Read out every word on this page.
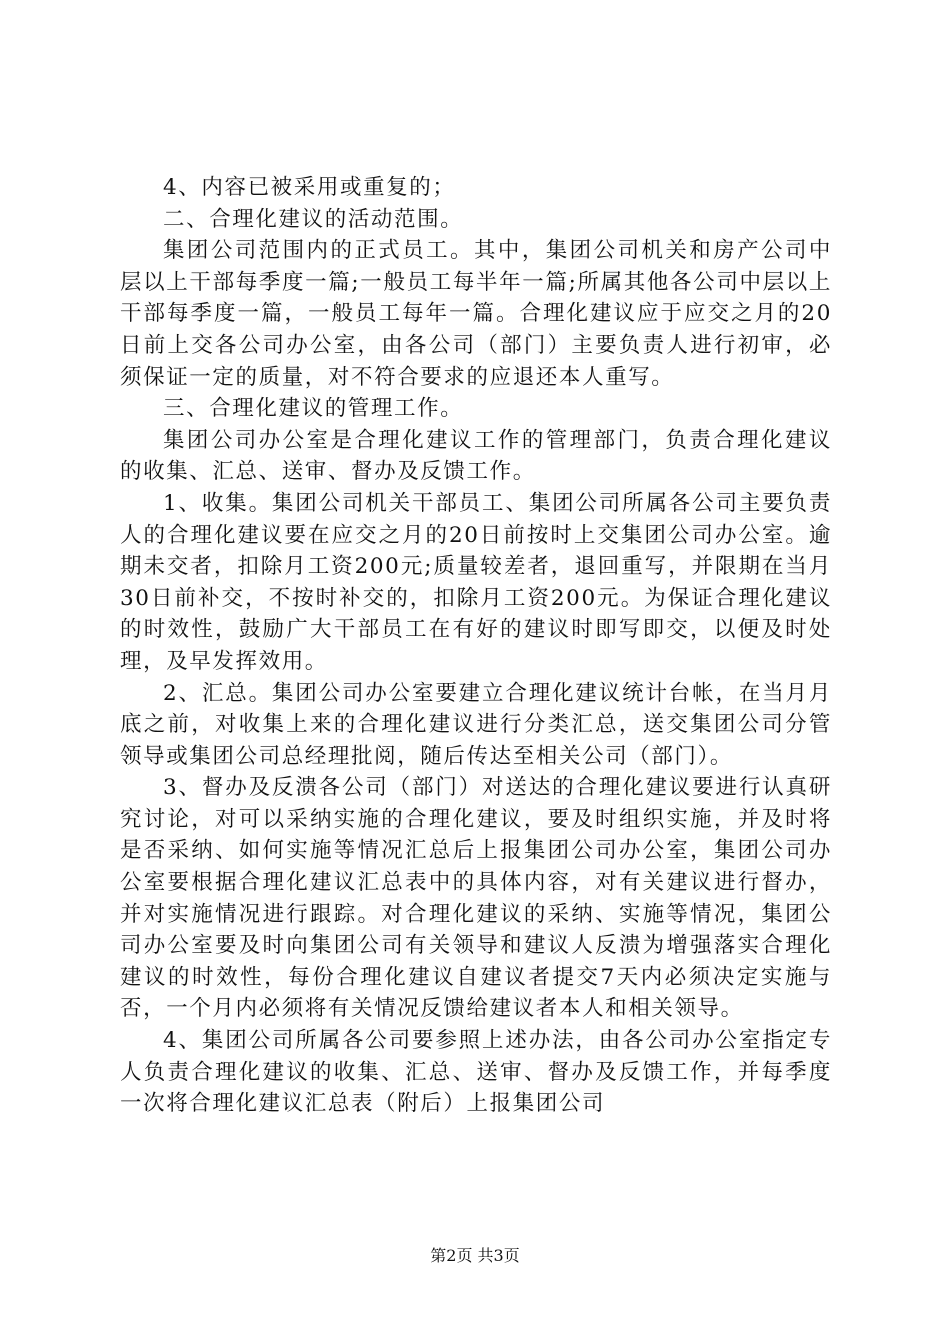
4、内容已被采用或重复的；

二、合理化建议的活动范围。

集团公司范围内的正式员工。其中，集团公司机关和房产公司中层以上干部每季度一篇;一般员工每半年一篇;所属其他各公司中层以上干部每季度一篇，一般员工每年一篇。合理化建议应于应交之月的20日前上交各公司办公室，由各公司（部门）主要负责人进行初审，必须保证一定的质量，对不符合要求的应退还本人重写。

三、合理化建议的管理工作。

集团公司办公室是合理化建议工作的管理部门，负责合理化建议的收集、汇总、送审、督办及反馈工作。

1、收集。集团公司机关干部员工、集团公司所属各公司主要负责人的合理化建议要在应交之月的20日前按时上交集团公司办公室。逾期未交者，扣除月工资200元;质量较差者，退回重写，并限期在当月30日前补交，不按时补交的，扣除月工资200元。为保证合理化建议的时效性，鼓励广大干部员工在有好的建议时即写即交，以便及时处理，及早发挥效用。

2、汇总。集团公司办公室要建立合理化建议统计台帐，在当月月底之前，对收集上来的合理化建议进行分类汇总，送交集团公司分管领导或集团公司总经理批阅，随后传达至相关公司（部门）。

3、督办及反溃各公司（部门）对送达的合理化建议要进行认真研究讨论，对可以采纳实施的合理化建议，要及时组织实施，并及时将是否采纳、如何实施等情况汇总后上报集团公司办公室，集团公司办公室要根据合理化建议汇总表中的具体内容，对有关建议进行督办，并对实施情况进行跟踪。对合理化建议的采纳、实施等情况，集团公司办公室要及时向集团公司有关领导和建议人反溃为增强落实合理化建议的时效性，每份合理化建议自建议者提交7天内必须决定实施与否，一个月内必须将有关情况反馈给建议者本人和相关领导。

4、集团公司所属各公司要参照上述办法，由各公司办公室指定专人负责合理化建议的收集、汇总、送审、督办及反馈工作，并每季度一次将合理化建议汇总表（附后）上报集团公司

第2页 共3页
